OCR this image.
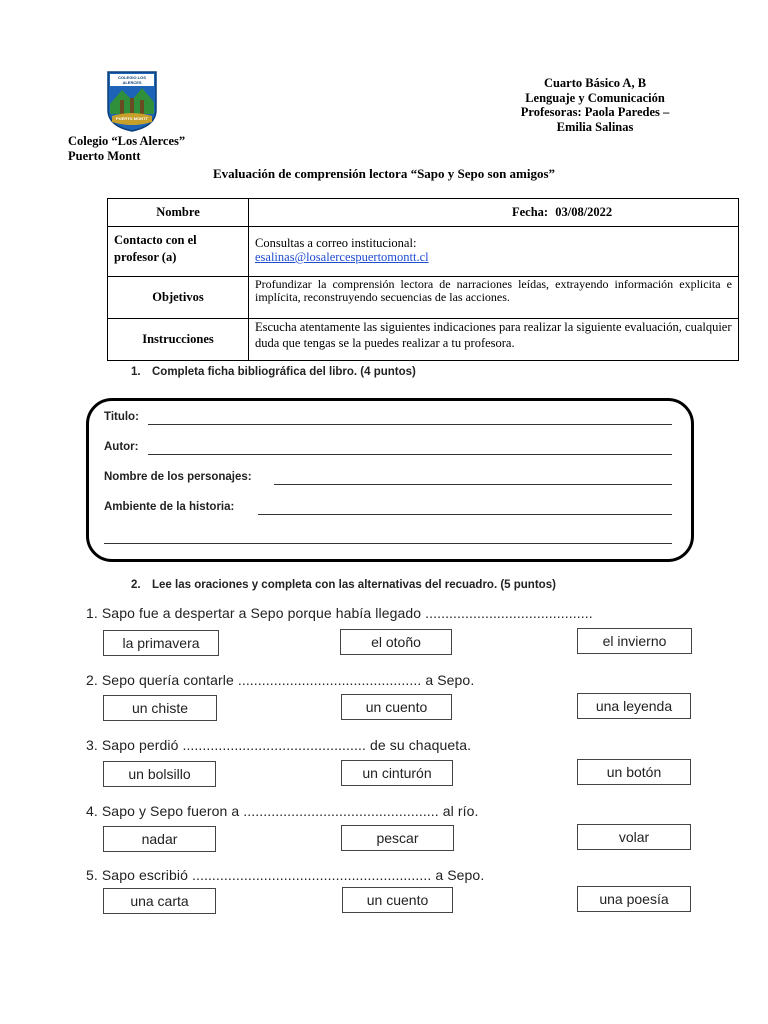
COLEGIO LOS ALERCES
PUERTO MONTT
Colegio “Los Alerces”
Puerto Montt
Cuarto Básico A, B
Lenguaje y Comunicación
Profesoras: Paola Paredes –
Emilia Salinas
Evaluación de comprensión lectora “Sapo y Sepo son amigos”
Nombre	Fecha: 03/08/2022
Contacto con el profesor (a)	Consultas a correo institucional:
esalinas@losalercespuertomontt.cl

Objetivos	Profundizar la comprensión lectora de narraciones leídas, extrayendo información explicita e implícita, reconstruyendo secuencias de las acciones.
Instrucciones	Escucha atentamente las siguientes indicaciones para realizar la siguiente evaluación, cualquier duda que tengas se la puedes realizar a tu profesora.
1. Completa ficha bibliográfica del libro. (4 puntos)
Titulo:
Autor:
Nombre de los personajes:
Ambiente de la historia:
2. Lee las oraciones y completa con las alternativas del recuadro. (5 puntos)
1. Sapo fue a despertar a Sepo porque había llegado ..........................................
la primavera	el otoño	el invierno
2. Sepo quería contarle .............................................. a Sepo.
un chiste	un cuento	una leyenda
3. Sapo perdió .............................................. de su chaqueta.
un bolsillo	un cinturón	un botón
4. Sapo y Sepo fueron a ................................................. al río.
nadar	pescar	volar
5. Sapo escribió ............................................................ a Sepo.
una carta	un cuento	una poesía
